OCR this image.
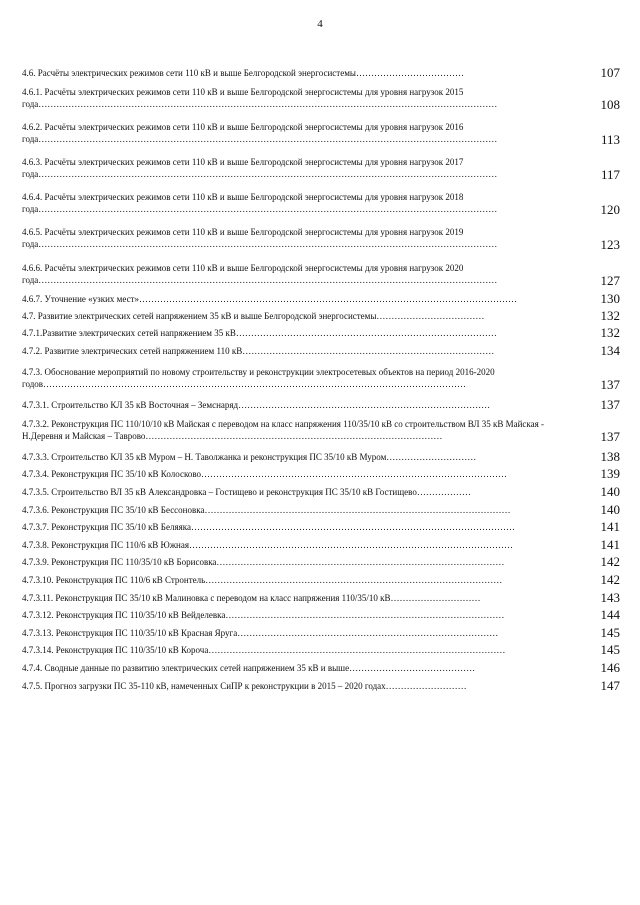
4
4.6. Расчёты электрических режимов сети 110 кВ и выше Белгородской энергосистемы………………………………	107
4.6.1. Расчёты электрических режимов сети 110 кВ и выше Белгородской энергосистемы для уровня нагрузок 2015 года………………………………………………………………………………………………………………………………………	108
4.6.2. Расчёты электрических режимов сети 110 кВ и выше Белгородской энергосистемы для уровня нагрузок 2016 года………………………………………………………………………………………………………………………………………	113
4.6.3. Расчёты электрических режимов сети 110 кВ и выше Белгородской энергосистемы для уровня нагрузок 2017 года………………………………………………………………………………………………………………………………………	117
4.6.4. Расчёты электрических режимов сети 110 кВ и выше Белгородской энергосистемы для уровня нагрузок 2018 года………………………………………………………………………………………………………………………………………	120
4.6.5. Расчёты электрических режимов сети 110 кВ и выше Белгородской энергосистемы для уровня нагрузок 2019 года………………………………………………………………………………………………………………………………………	123
4.6.6. Расчёты электрических режимов сети 110 кВ и выше Белгородской энергосистемы для уровня нагрузок 2020 года………………………………………………………………………………………………………………………………………	127
4.6.7. Уточнение «узких мест»………………………………………………………………………………………………………………	130
4.7. Развитие электрических сетей напряжением 35 кВ и выше Белгородской энергосистемы………………………………	132
4.7.1.Развитие электрических сетей напряжением 35 кВ……………………………………………………………………………	132
4.7.2. Развитие электрических сетей напряжением 110 кВ…………………………………………………………………………	134
4.7.3. Обоснование мероприятий по новому строительству и реконструкции электросетевых объектов на период 2016-2020 годов……………………………………………………………………………………………………………………………	137
4.7.3.1. Строительство КЛ 35 кВ Восточная – Земснаряд…………………………………………………………………………	137
4.7.3.2. Реконструкция ПС 110/10/10 кВ Майская с переводом на класс напряжения 110/35/10 кВ со строительством ВЛ 35 кВ Майская - Н.Деревня и Майская – Таврово………………………………………………………………………………………	137
4.7.3.3. Строительство КЛ 35 кВ Муром – Н. Таволжанка и реконструкция ПС 35/10 кВ Муром…………………………	138
4.7.3.4. Реконструкция ПС 35/10 кВ Колосково…………………………………………………………………………………………	139
4.7.3.5. Строительство ВЛ 35 кВ Александровка – Гостищево и реконструкция ПС 35/10 кВ Гостищево………………	140
4.7.3.6. Реконструкция ПС 35/10 кВ Бессоновка…………………………………………………………………………………………	140
4.7.3.7. Реконструкция ПС 35/10 кВ Беляяка………………………………………………………………………………………………	141
4.7.3.8. Реконструкция ПС 110/6 кВ Южная………………………………………………………………………………………………	141
4.7.3.9. Реконструкция ПС 110/35/10 кВ Борисовка……………………………………………………………………………………	142
4.7.3.10. Реконструкция ПС 110/6 кВ Стронтель………………………………………………………………………………………	142
4.7.3.11. Реконструкция ПС 35/10 кВ Малиновка с переводом на класс напряжения 110/35/10 кВ…………………………	143
4.7.3.12. Реконструкция ПС 110/35/10 кВ Вейделевка…………………………………………………………………………………	144
4.7.3.13. Реконструкция ПС 110/35/10 кВ Красная Яруга……………………………………………………………………………	145
4.7.3.14. Реконструкция ПС 110/35/10 кВ Короча………………………………………………………………………………………	145
4.7.4. Сводные данные по развитию электрических сетей напряжением 35 кВ и выше……………………………………	146
4.7.5. Прогноз загрузки ПС 35-110 кВ, намеченных СиПР к реконструкции в 2015 – 2020 годах………………………	147
